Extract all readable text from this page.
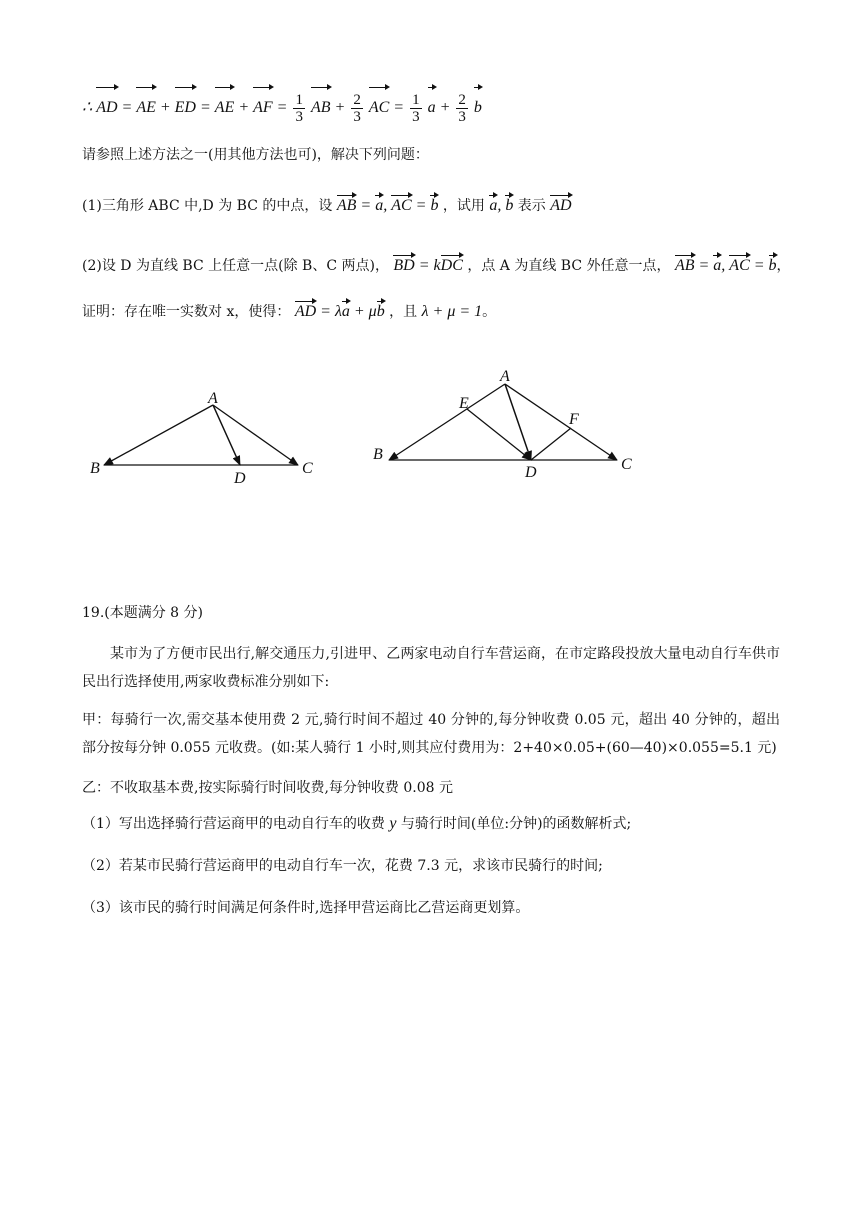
∴ AD = AE + ED = AE + AF = $\frac{1}{3}$ AB + $\frac{2}{3}$ AC = $\frac{1}{3}$ $a + \frac{2}{3}$ b
请参照上述方法之一(用其他方法也可)，解决下列问题：
(1)三角形 ABC 中,D 为 BC 的中点，设 AB = a, AC = b ，试用 a, b 表示 AD
(2)设 D 为直线 BC 上任意一点(除 B、C 两点)， BD = kDC ，点 A 为直线 BC 外任意一点， AB = a, AC = b，
证明：存在唯一实数对 x，使得： AD = λa + μb ，且 λ + μ = 1。
A
B	C
D
A
E
F
B
C
D
19.(本题满分 8 分)
某市为了方便市民出行,解交通压力,引进甲、乙两家电动自行车营运商，在市定路段投放大量电动自行车供市民出行选择使用,两家收费标准分别如下:
甲：每骑行一次,需交基本使用费 2 元,骑行时间不超过 40 分钟的,每分钟收费 0.05 元，超出 40 分钟的，超出部分按每分钟 0.055 元收费。(如:某人骑行 1 小时,则其应付费用为：2+40×0.05+(60—40)×0.055=5.1 元)
乙：不收取基本费,按实际骑行时间收费,每分钟收费 0.08 元
（1）写出选择骑行营运商甲的电动自行车的收费 y 与骑行时间(单位:分钟)的函数解析式;
（2）若某市民骑行营运商甲的电动自行车一次，花费 7.3 元，求该市民骑行的时间;
（3）该市民的骑行时间满足何条件时,选择甲营运商比乙营运商更划算。
